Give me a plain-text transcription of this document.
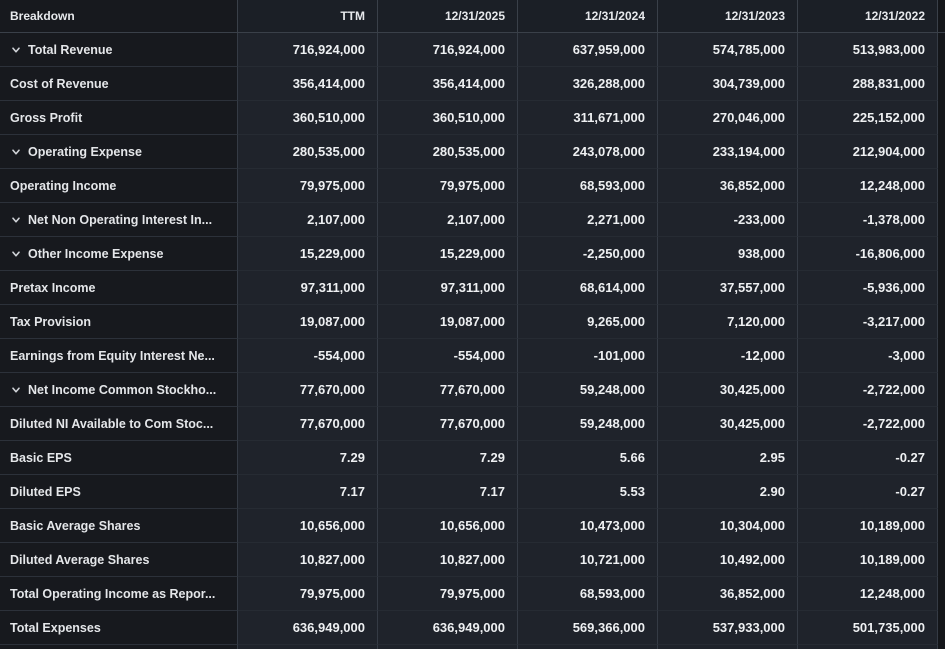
Breakdown	TTM	12/31/2025	12/31/2024	12/31/2023	12/31/2022
Total Revenue	716,924,000	716,924,000	637,959,000	574,785,000	513,983,000
Cost of Revenue	356,414,000	356,414,000	326,288,000	304,739,000	288,831,000
Gross Profit	360,510,000	360,510,000	311,671,000	270,046,000	225,152,000
Operating Expense	280,535,000	280,535,000	243,078,000	233,194,000	212,904,000
Operating Income	79,975,000	79,975,000	68,593,000	36,852,000	12,248,000
Net Non Operating Interest In...	2,107,000	2,107,000	2,271,000	-233,000	-1,378,000
Other Income Expense	15,229,000	15,229,000	-2,250,000	938,000	-16,806,000
Pretax Income	97,311,000	97,311,000	68,614,000	37,557,000	-5,936,000
Tax Provision	19,087,000	19,087,000	9,265,000	7,120,000	-3,217,000
Earnings from Equity Interest Ne...	-554,000	-554,000	-101,000	-12,000	-3,000
Net Income Common Stockho...	77,670,000	77,670,000	59,248,000	30,425,000	-2,722,000
Diluted NI Available to Com Stoc...	77,670,000	77,670,000	59,248,000	30,425,000	-2,722,000
Basic EPS	7.29	7.29	5.66	2.95	-0.27
Diluted EPS	7.17	7.17	5.53	2.90	-0.27
Basic Average Shares	10,656,000	10,656,000	10,473,000	10,304,000	10,189,000
Diluted Average Shares	10,827,000	10,827,000	10,721,000	10,492,000	10,189,000
Total Operating Income as Repor...	79,975,000	79,975,000	68,593,000	36,852,000	12,248,000
Total Expenses	636,949,000	636,949,000	569,366,000	537,933,000	501,735,000
